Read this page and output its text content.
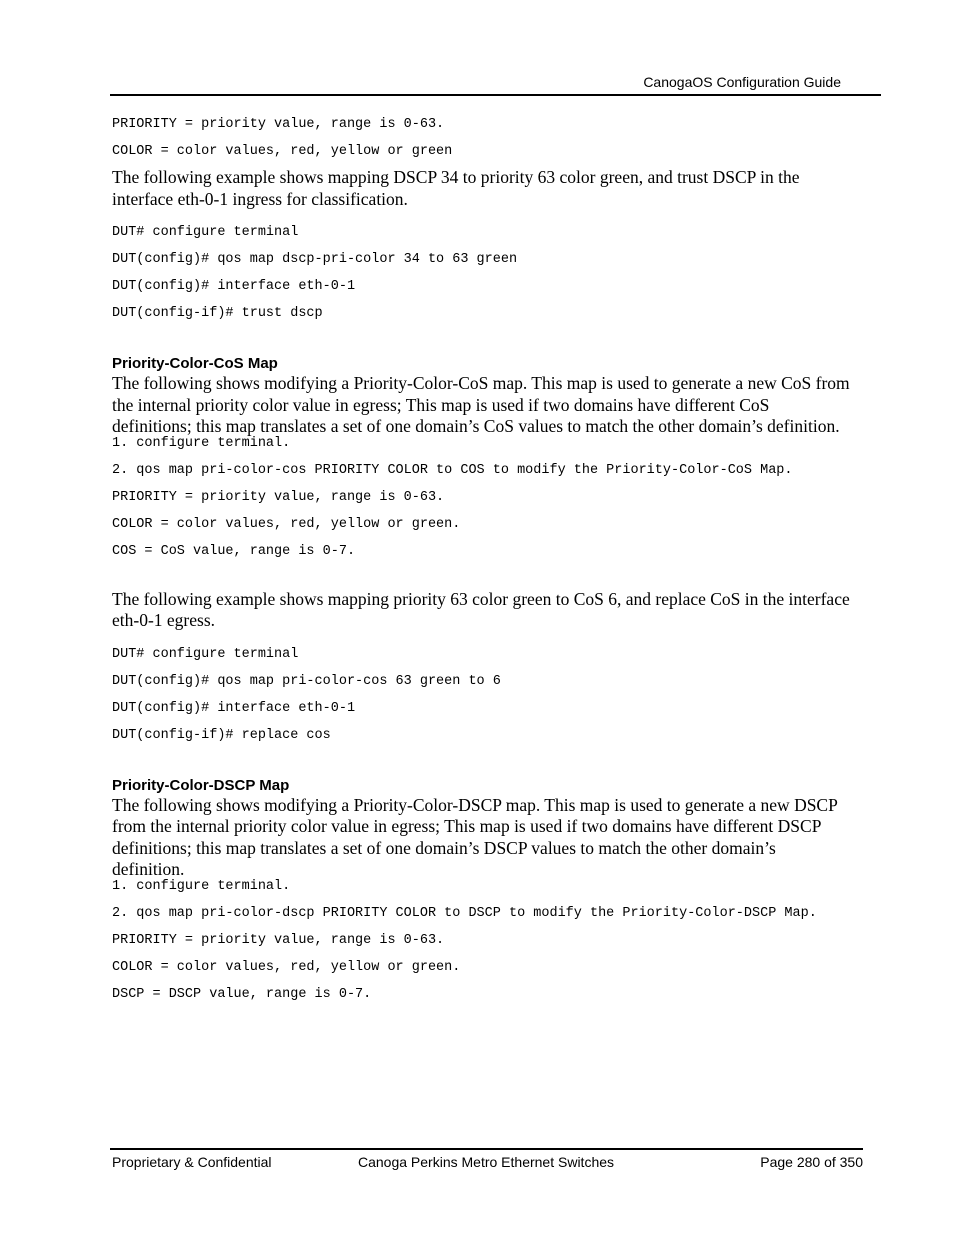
CanogaOS Configuration Guide
PRIORITY = priority value, range is 0-63.
COLOR = color values, red, yellow or green

The following example shows mapping DSCP 34 to priority 63 color green, and trust DSCP in the interface eth-0-1 ingress for classification.

DUT# configure terminal
DUT(config)# qos map dscp-pri-color 34 to 63 green
DUT(config)# interface eth-0-1
DUT(config-if)# trust dscp
Priority-Color-CoS Map

The following shows modifying a Priority-Color-CoS map. This map is used to generate a new CoS from the internal priority color value in egress; This map is used if two domains have different CoS

definitions; this map translates a set of one domain’s CoS values to match the other domain’s definition.

1. configure terminal.
2. qos map pri-color-cos PRIORITY COLOR to COS to modify the Priority-Color-CoS Map.
PRIORITY = priority value, range is 0-63.
COLOR = color values, red, yellow or green.
COS = CoS value, range is 0-7.

The following example shows mapping priority 63 color green to CoS 6, and replace CoS in the interface eth-0-1 egress.

DUT# configure terminal
DUT(config)# qos map pri-color-cos 63 green to 6
DUT(config)# interface eth-0-1
DUT(config-if)# replace cos
Priority-Color-DSCP Map

The following shows modifying a Priority-Color-DSCP map. This map is used to generate a new DSCP from the internal priority color value in egress; This map is used if two domains have different DSCP definitions; this map translates a set of one domain’s DSCP values to match the other domain’s definition.

1. configure terminal.
2. qos map pri-color-dscp PRIORITY COLOR to DSCP to modify the Priority-Color-DSCP Map.
PRIORITY = priority value, range is 0-63.
COLOR = color values, red, yellow or green.
DSCP = DSCP value, range is 0-7.
Proprietary & Confidential	Canoga Perkins Metro Ethernet Switches	Page 280 of 350
